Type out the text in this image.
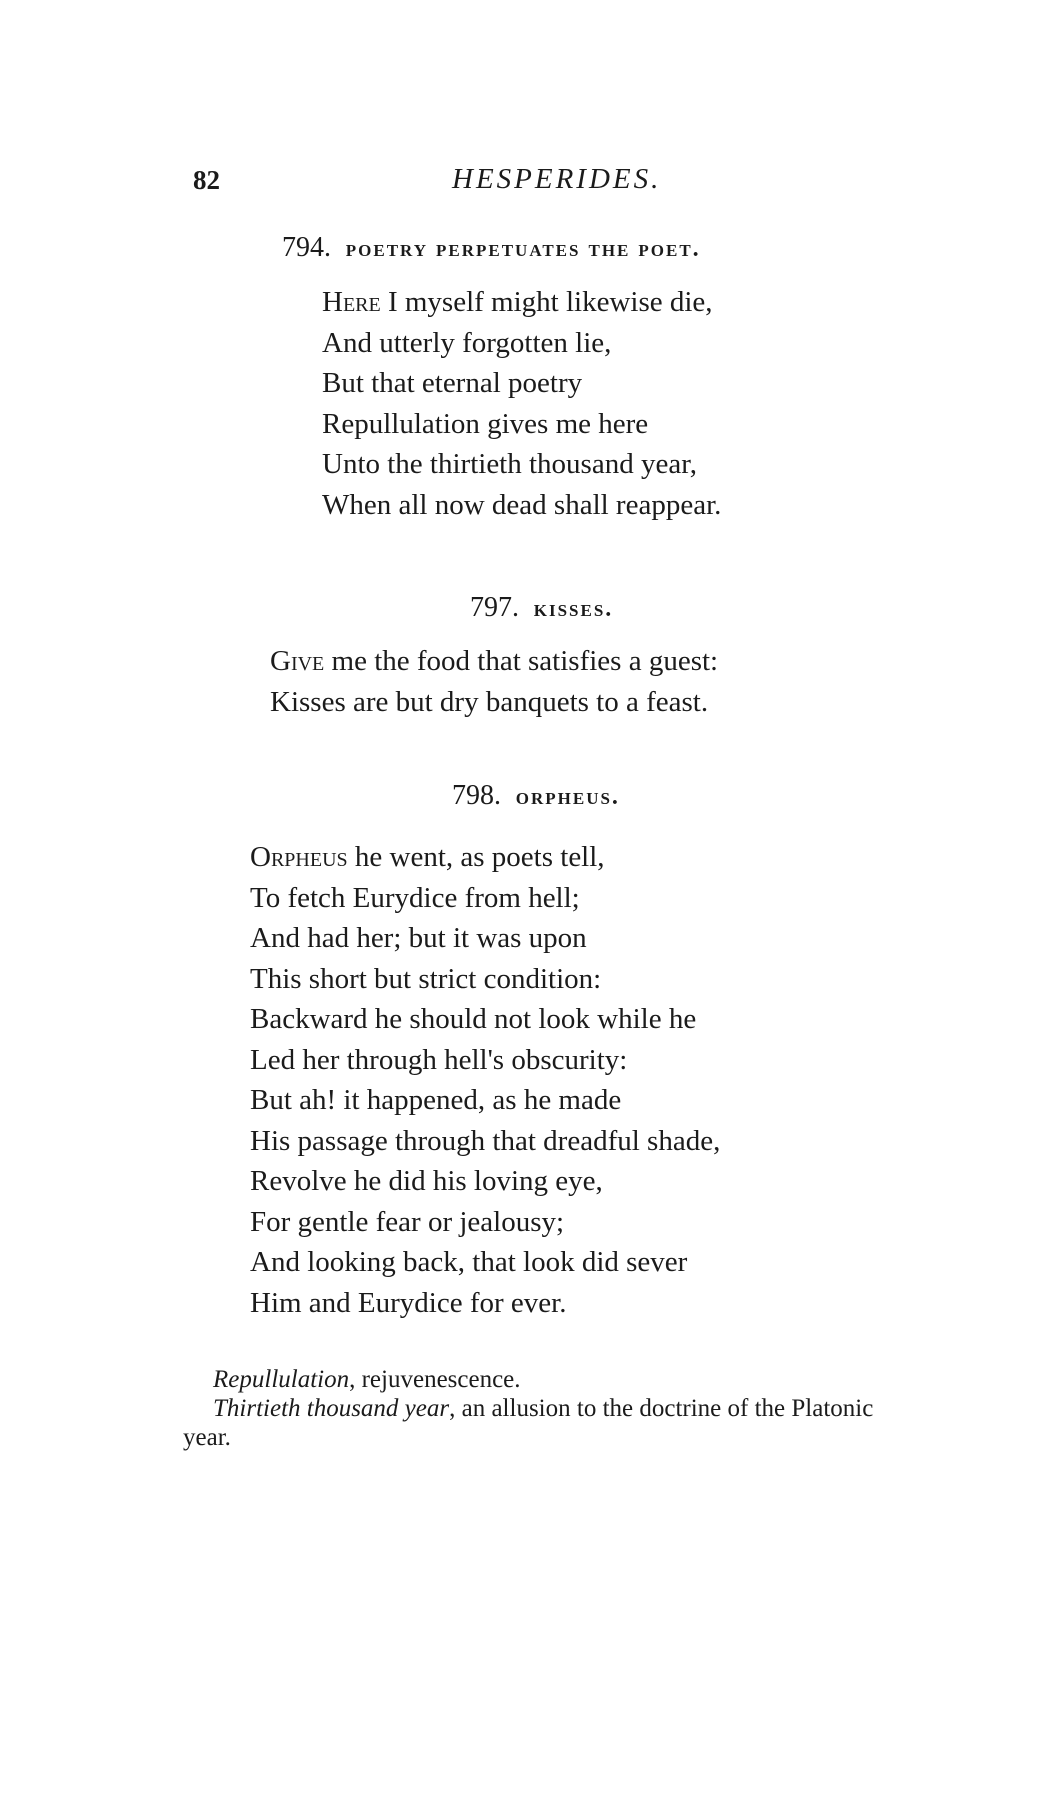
82	HESPERIDES.
794. poetry perpetuates the poet.
Here I myself might likewise die,
And utterly forgotten lie,
But that eternal poetry
Repullulation gives me here
Unto the thirtieth thousand year,
When all now dead shall reappear.
797. kisses.
Give me the food that satisfies a guest:
Kisses are but dry banquets to a feast.
798. orpheus.
Orpheus he went, as poets tell,
To fetch Eurydice from hell;
And had her; but it was upon
This short but strict condition:
Backward he should not look while he
Led her through hell's obscurity:
But ah! it happened, as he made
His passage through that dreadful shade,
Revolve he did his loving eye,
For gentle fear or jealousy;
And looking back, that look did sever
Him and Eurydice for ever.
Repullulation, rejuvenescence.
Thirtieth thousand year, an allusion to the doctrine of the Platonic year.
